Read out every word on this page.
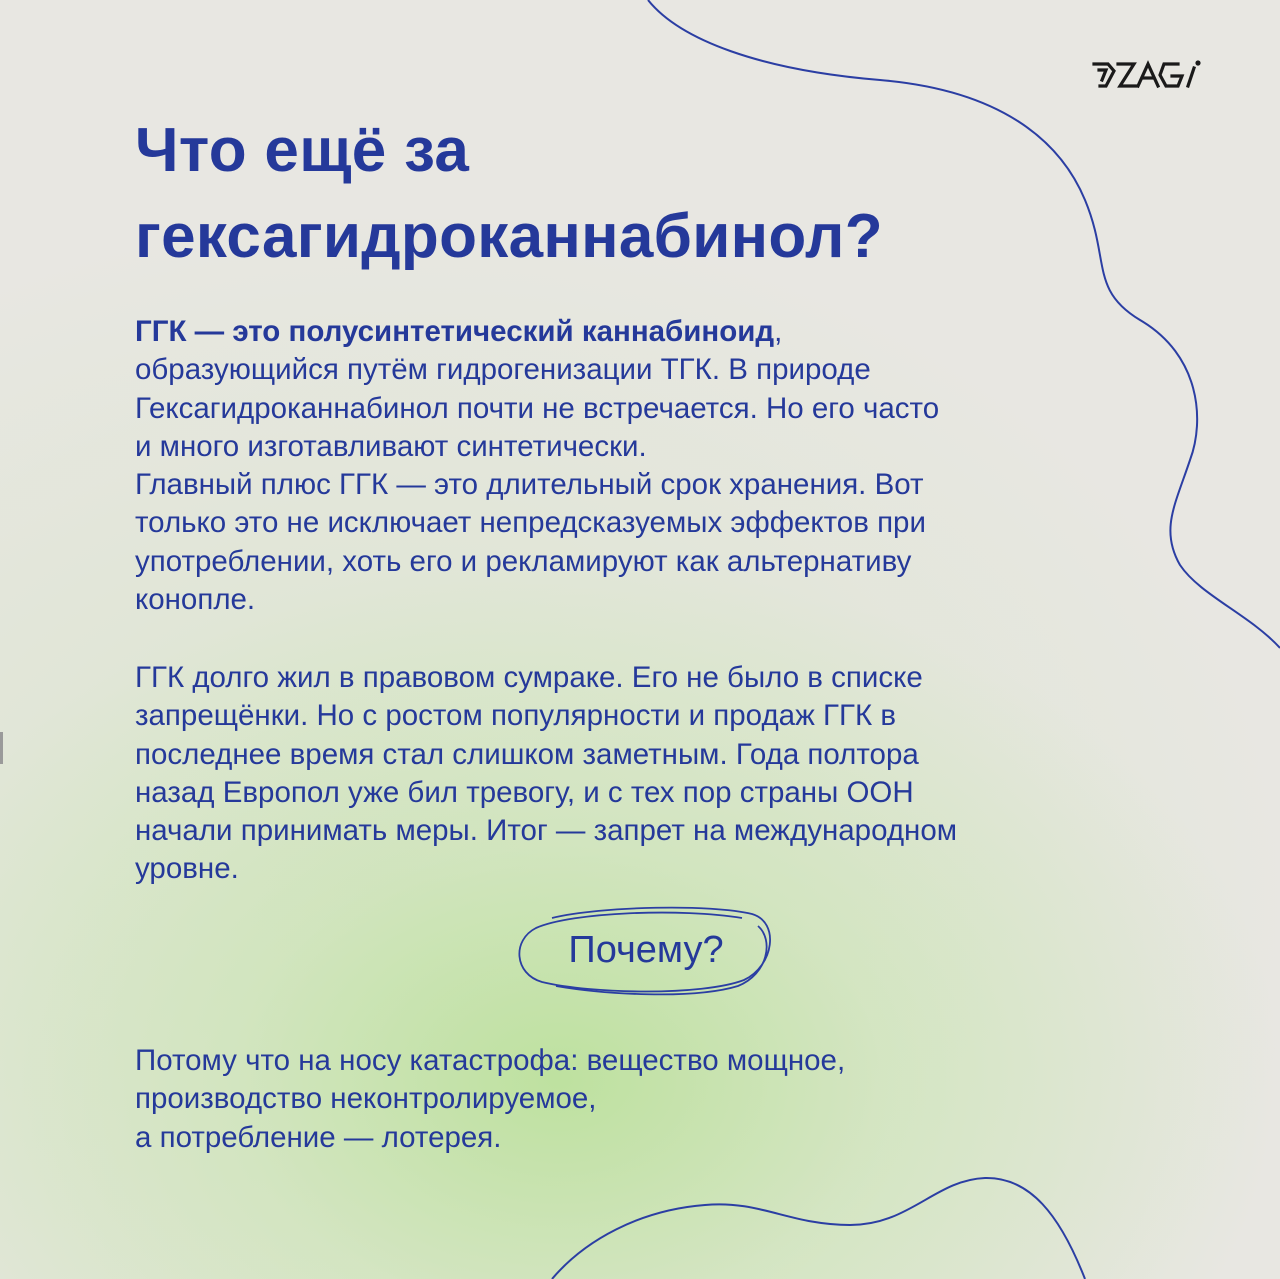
Что ещё за
гексагидроканнабинол?
ГГК — это полусинтетический каннабиноид,
образующийся путём гидрогенизации ТГК. В природе
Гексагидроканнабинол почти не встречается. Но его часто
и много изготавливают синтетически.
Главный плюс ГГК — это длительный срок хранения. Вот
только это не исключает непредсказуемых эффектов при
употреблении, хоть его и рекламируют как альтернативу
конопле.
ГГК долго жил в правовом сумраке. Его не было в списке
запрещёнки. Но с ростом популярности и продаж ГГК в
последнее время стал слишком заметным. Года полтора
назад Европол уже бил тревогу, и с тех пор страны ООН
начали принимать меры. Итог — запрет на международном
уровне.
Почему?
Потому что на носу катастрофа: вещество мощное,
производство неконтролируемое,
а потребление — лотерея.
